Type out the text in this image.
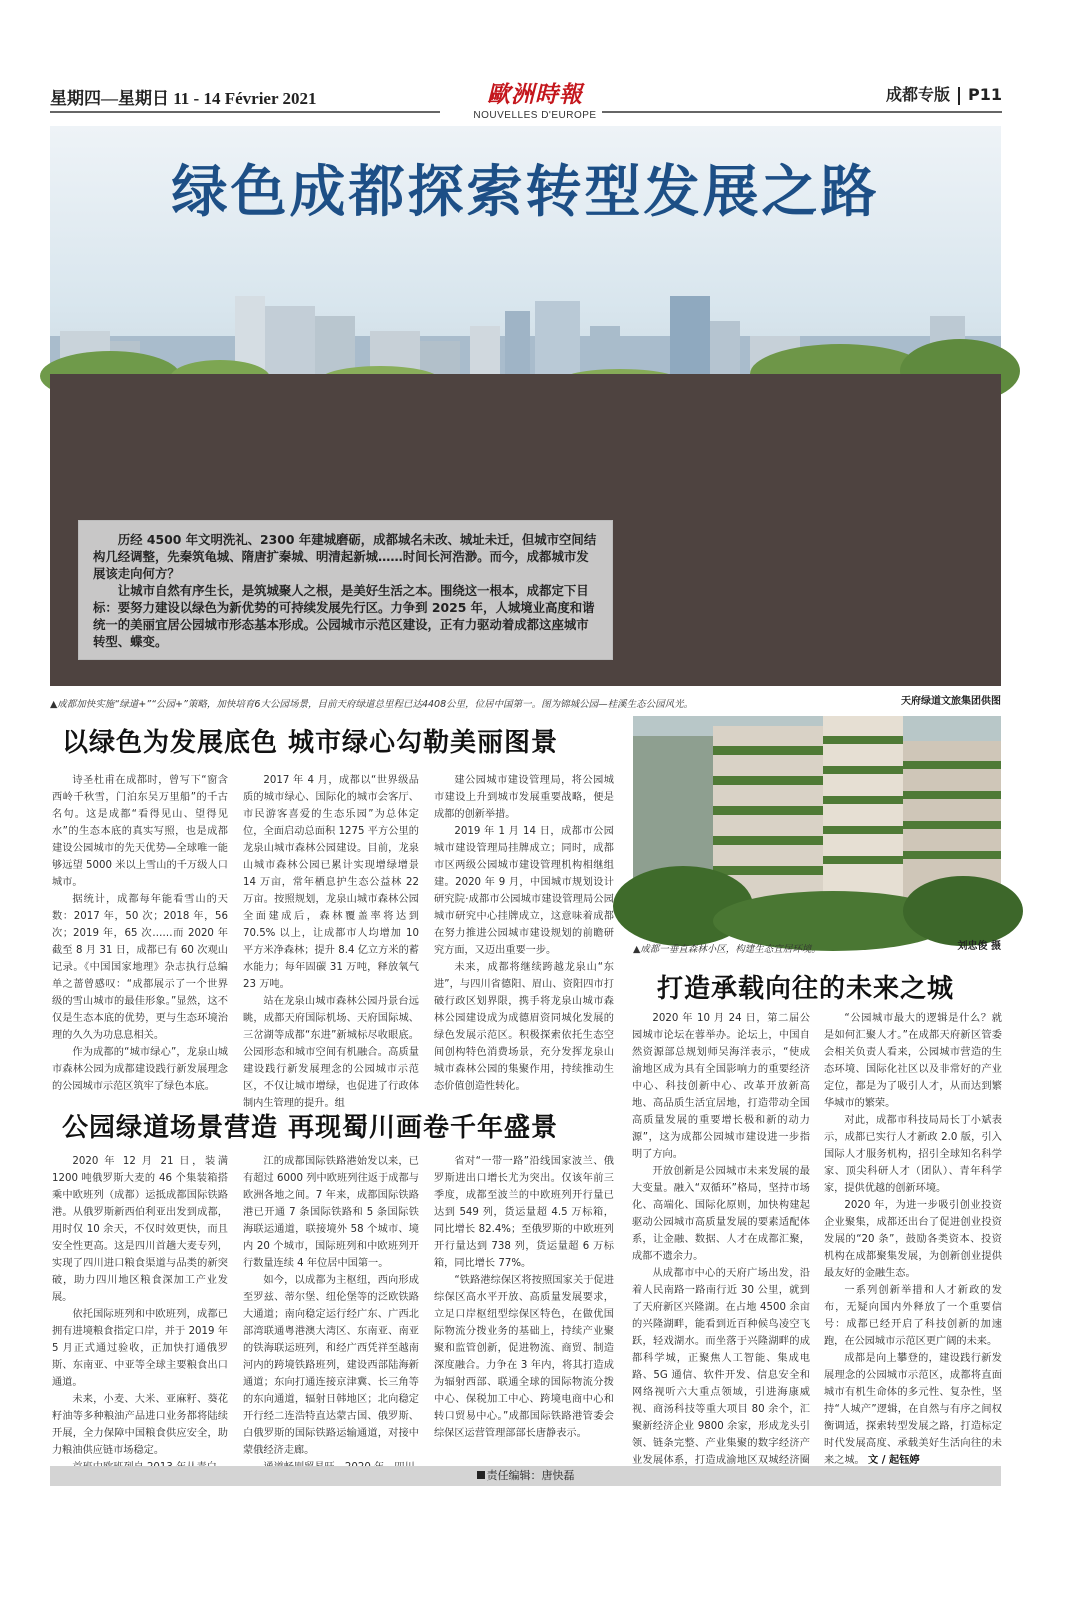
星期四—星期日 11 - 14 Février 2021	歐洲時報
NOUVELLES D'EUROPE
成都专版 P11
绿色成都探索转型发展之路

历经 4500 年文明洗礼、2300 年建城磨砺，成都城名未改、城址未迁，但城市空间结构几经调整，先秦筑龟城、隋唐扩秦城、明清起新城……时间长河浩渺。而今，成都城市发展该走向何方？

让城市自然有序生长，是筑城聚人之根，是美好生活之本。围绕这一根本，成都定下目标：要努力建设以绿色为新优势的可持续发展先行区。力争到 2025 年，人城境业高度和谐统一的美丽宜居公园城市形态基本形成。公园城市示范区建设，正有力驱动着成都这座城市转型、蝶变。

▲成都加快实施“绿道+”“公园+”策略，加快培育6大公园场景，目前天府绿道总里程已达4408公里，位居中国第一。图为锦城公园—桂溪生态公园风光。	天府绿道文旅集团供图
以绿色为发展底色 城市绿心勾勒美丽图景

诗圣杜甫在成都时，曾写下“窗含西岭千秋雪，门泊东吴万里船”的千古名句。这是成都“看得见山、望得见水”的生态本底的真实写照，也是成都建设公园城市的先天优势—全球唯一能够远望 5000 米以上雪山的千万级人口城市。

据统计，成都每年能看雪山的天数：2017 年，50 次；2018 年，56 次；2019 年，65 次……而 2020 年截至 8 月 31 日，成都已有 60 次观山记录。《中国国家地理》杂志执行总编单之蔷曾感叹：“成都展示了一个世界级的雪山城市的最佳形象。”显然，这不仅是生态本底的优势，更与生态环境治理的久久为功息息相关。

作为成都的“城市绿心”，龙泉山城市森林公园为成都建设践行新发展理念的公园城市示范区筑牢了绿色本底。

2017 年 4 月，成都以“世界级品质的城市绿心、国际化的城市会客厅、市民游客喜爱的生态乐园”为总体定位，全面启动总面积 1275 平方公里的龙泉山城市森林公园建设。目前，龙泉山城市森林公园已累计实现增绿增景 14 万亩，常年栖息护生态公益林 22 万亩。按照规划，龙泉山城市森林公园全面建成后，森林覆盖率将达到 70.5% 以上，让成都市人均增加 10 平方米净森林；提升 8.4 亿立方米的蓄水能力；每年固碳 31 万吨，释放氧气 23 万吨。

站在龙泉山城市森林公园丹景台远眺，成都天府国际机场、天府国际城、三岔湖等成都“东进”新城标尽收眼底。公园形态和城市空间有机融合。高质量建设践行新发展理念的公园城市示范区，不仅让城市增绿，也促进了行政体制内生管理的提升。组

建公园城市建设管理局，将公园城市建设上升到城市发展重要战略，便是成都的创新举措。

2019 年 1 月 14 日，成都市公园城市建设管理局挂牌成立；同时，成都市区两级公园城市建设管理机构相继组建。2020 年 9 月，中国城市规划设计研究院·成都市公园城市建设管理局公园城市研究中心挂牌成立，这意味着成都在努力推进公园城市建设规划的前瞻研究方面，又迈出重要一步。

未来，成都将继续跨越龙泉山“东进”，与四川省德阳、眉山、资阳四市打破行政区划界限，携手将龙泉山城市森林公园建设成为成德眉资同城化发展的绿色发展示范区。积极探索依托生态空间创构特色消费场景，充分发挥龙泉山城市森林公园的集聚作用，持续推动生态价值创造性转化。

▲成都一垂直森林小区，构建生态宜居环境。	刘忠俊 摄
打造承载向往的未来之城
公园绿道场景营造 再现蜀川画卷千年盛景

2020 年 12 月 21 日，装满 1200 吨俄罗斯大麦的 46 个集装箱搭乘中欧班列（成都）运抵成都国际铁路港。从俄罗斯新西伯利亚出发到成都，用时仅 10 余天，不仅时效更快，而且安全性更高。这是四川首趟大麦专列，实现了四川进口粮食渠道与品类的新突破，助力四川地区粮食深加工产业发展。

依托国际班列和中欧班列，成都已拥有进境粮食指定口岸，并于 2019 年 5 月正式通过验收，正加快打通俄罗斯、东南亚、中亚等全球主要粮食出口通道。

未来，小麦、大米、亚麻籽、葵花籽油等多种粮油产品进口业务都将陆续开展，全力保障中国粮食供应安全，助力粮油供应链市场稳定。

江的成都国际铁路港始发以来，已有超过 6000 列中欧班列往返于成都与欧洲各地之间。7 年来，成都国际铁路港已开通 7 条国际铁路和 5 条国际铁海联运通道，联接境外 58 个城市、境内 20 个城市，国际班列和中欧班列开行数量连续 4 年位居中国第一。

如今，以成都为主枢纽，西向形成至罗兹、蒂尔堡、纽伦堡等的泛欧铁路大通道；南向稳定运行经广东、广西北部湾联通粤港澳大湾区、东南亚、南亚的铁海联运班列，和经广西凭祥至越南河内的跨境铁路班列，建设西部陆海新通道；东向打通连接京津冀、长三角等的东向通道，辐射日韩地区；北向稳定开行经二连浩特直达蒙古国、俄罗斯、白俄罗斯的国际铁路运输通道，对接中蒙俄经济走廊。

省对“一带一路”沿线国家波兰、俄罗斯进出口增长尤为突出。仅该年前三季度，成都至波兰的中欧班列开行量已达到 549 列，货运量超 4.5 万标箱，同比增长 82.4%；至俄罗斯的中欧班列开行量达到 738 列，货运量超 6 万标箱，同比增长 77%。

“铁路港综保区将按照国家关于促进综保区高水平开放、高质量发展要求，立足口岸枢纽型综保区特色，在做优国际物流分拨业务的基础上，持续产业聚聚和监管创新，促进物流、商贸、制造深度融合。力争在 3 年内，将其打造成为辐射西部、联通全球的国际物流分拨中心、保税加工中心、跨境电商中心和转口贸易中心。”成都国际铁路港管委会综保区运营管理部部长唐静表示。

2020 年 10 月 24 日，第二届公园城市论坛在蓉举办。论坛上，中国自然资源部总规划师吴海洋表示，“使成渝地区成为具有全国影响力的重要经济中心、科技创新中心、改革开放新高地、高品质生活宜居地，打造带动全国高质量发展的重要增长极和新的动力源”，这为成都公园城市建设进一步指明了方向。

开放创新是公园城市未来发展的最大变量。融入“双循环”格局，坚持市场化、高端化、国际化原则，加快构建起驱动公园城市高质量发展的要素适配体系，让金融、数据、人才在成都汇聚，成都不遗余力。

从成都市中心的天府广场出发，沿着人民南路一路南行近 30 公里，就到了天府新区兴隆湖。在占地 4500 余亩的兴隆湖畔，能看到近百种候鸟凌空飞跃，轻戏湖水。而坐落于兴隆湖畔的成都科学城，正聚焦人工智能、集成电路、5G 通信、软件开发、信息安全和网络视听六大重点领域，引进海康威视、商汤科技等重大项目 80 余个，汇聚新经济企业 9800 余家，形成龙头引领、链条完整、产业集聚的数字经济产业发展体系，打造成渝地区双城经济圈

“公园城市最大的逻辑是什么？就是如何汇聚人才。”在成都天府新区管委会相关负责人看来，公园城市营造的生态环境、国际化社区以及非常好的产业定位，都是为了吸引人才，从而达到繁华城市的繁荣。

对此，成都市科技局局长丁小斌表示，成都已实行人才新政 2.0 版，引入国际人才服务机构，招引全球知名科学家、顶尖科研人才（团队）、青年科学家，提供优越的创新环境。

2020 年，为进一步吸引创业投资企业聚集，成都还出台了促进创业投资发展的“20 条”，鼓励各类资本、投资机构在成都聚集发展，为创新创业提供最友好的金融生态。

一系列创新举措和人才新政的发布，无疑向国内外释放了一个重要信号：成都已经开启了科技创新的加速跑，在公园城市示范区更广阔的未来。

成都是向上攀登的，建设践行新发展理念的公园城市示范区，成都将直面城市有机生命体的多元性、复杂性，坚持“人城产”逻辑，在自然与有序之间权衡调适，探索转型发展之路，打造标定时代发展高度、承载美好生活向往的未来之城。 文 / 起钰婷

责任编辑：唐快磊
